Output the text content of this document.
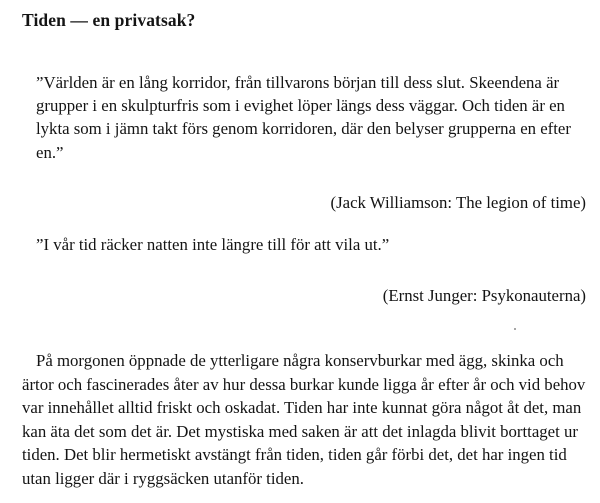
Tiden — en privatsak?

”Världen är en lång korridor, från tillvarons början till dess slut. Skeendena är grupper i en skulpturfris som i evighet löper längs dess väggar. Och tiden är en lykta som i jämn takt förs genom korridoren, där den belyser grupperna en efter en.”

(Jack Williamson: The legion of time)

”I vår tid räcker natten inte längre till för att vila ut.”

(Ernst Junger: Psykonauterna)

På morgonen öppnade de ytterligare några konservburkar med ägg, skinka och ärtor och fascinerades åter av hur dessa burkar kunde ligga år efter år och vid behov var innehållet alltid friskt och oskadat. Tiden har inte kunnat göra något åt det, man kan äta det som det är. Det mystiska med saken är att det inlagda blivit borttaget ur tiden. Det blir hermetiskt avstängt från tiden, tiden går förbi det, det har ingen tid utan ligger där i ryggsäcken utanför tiden.
